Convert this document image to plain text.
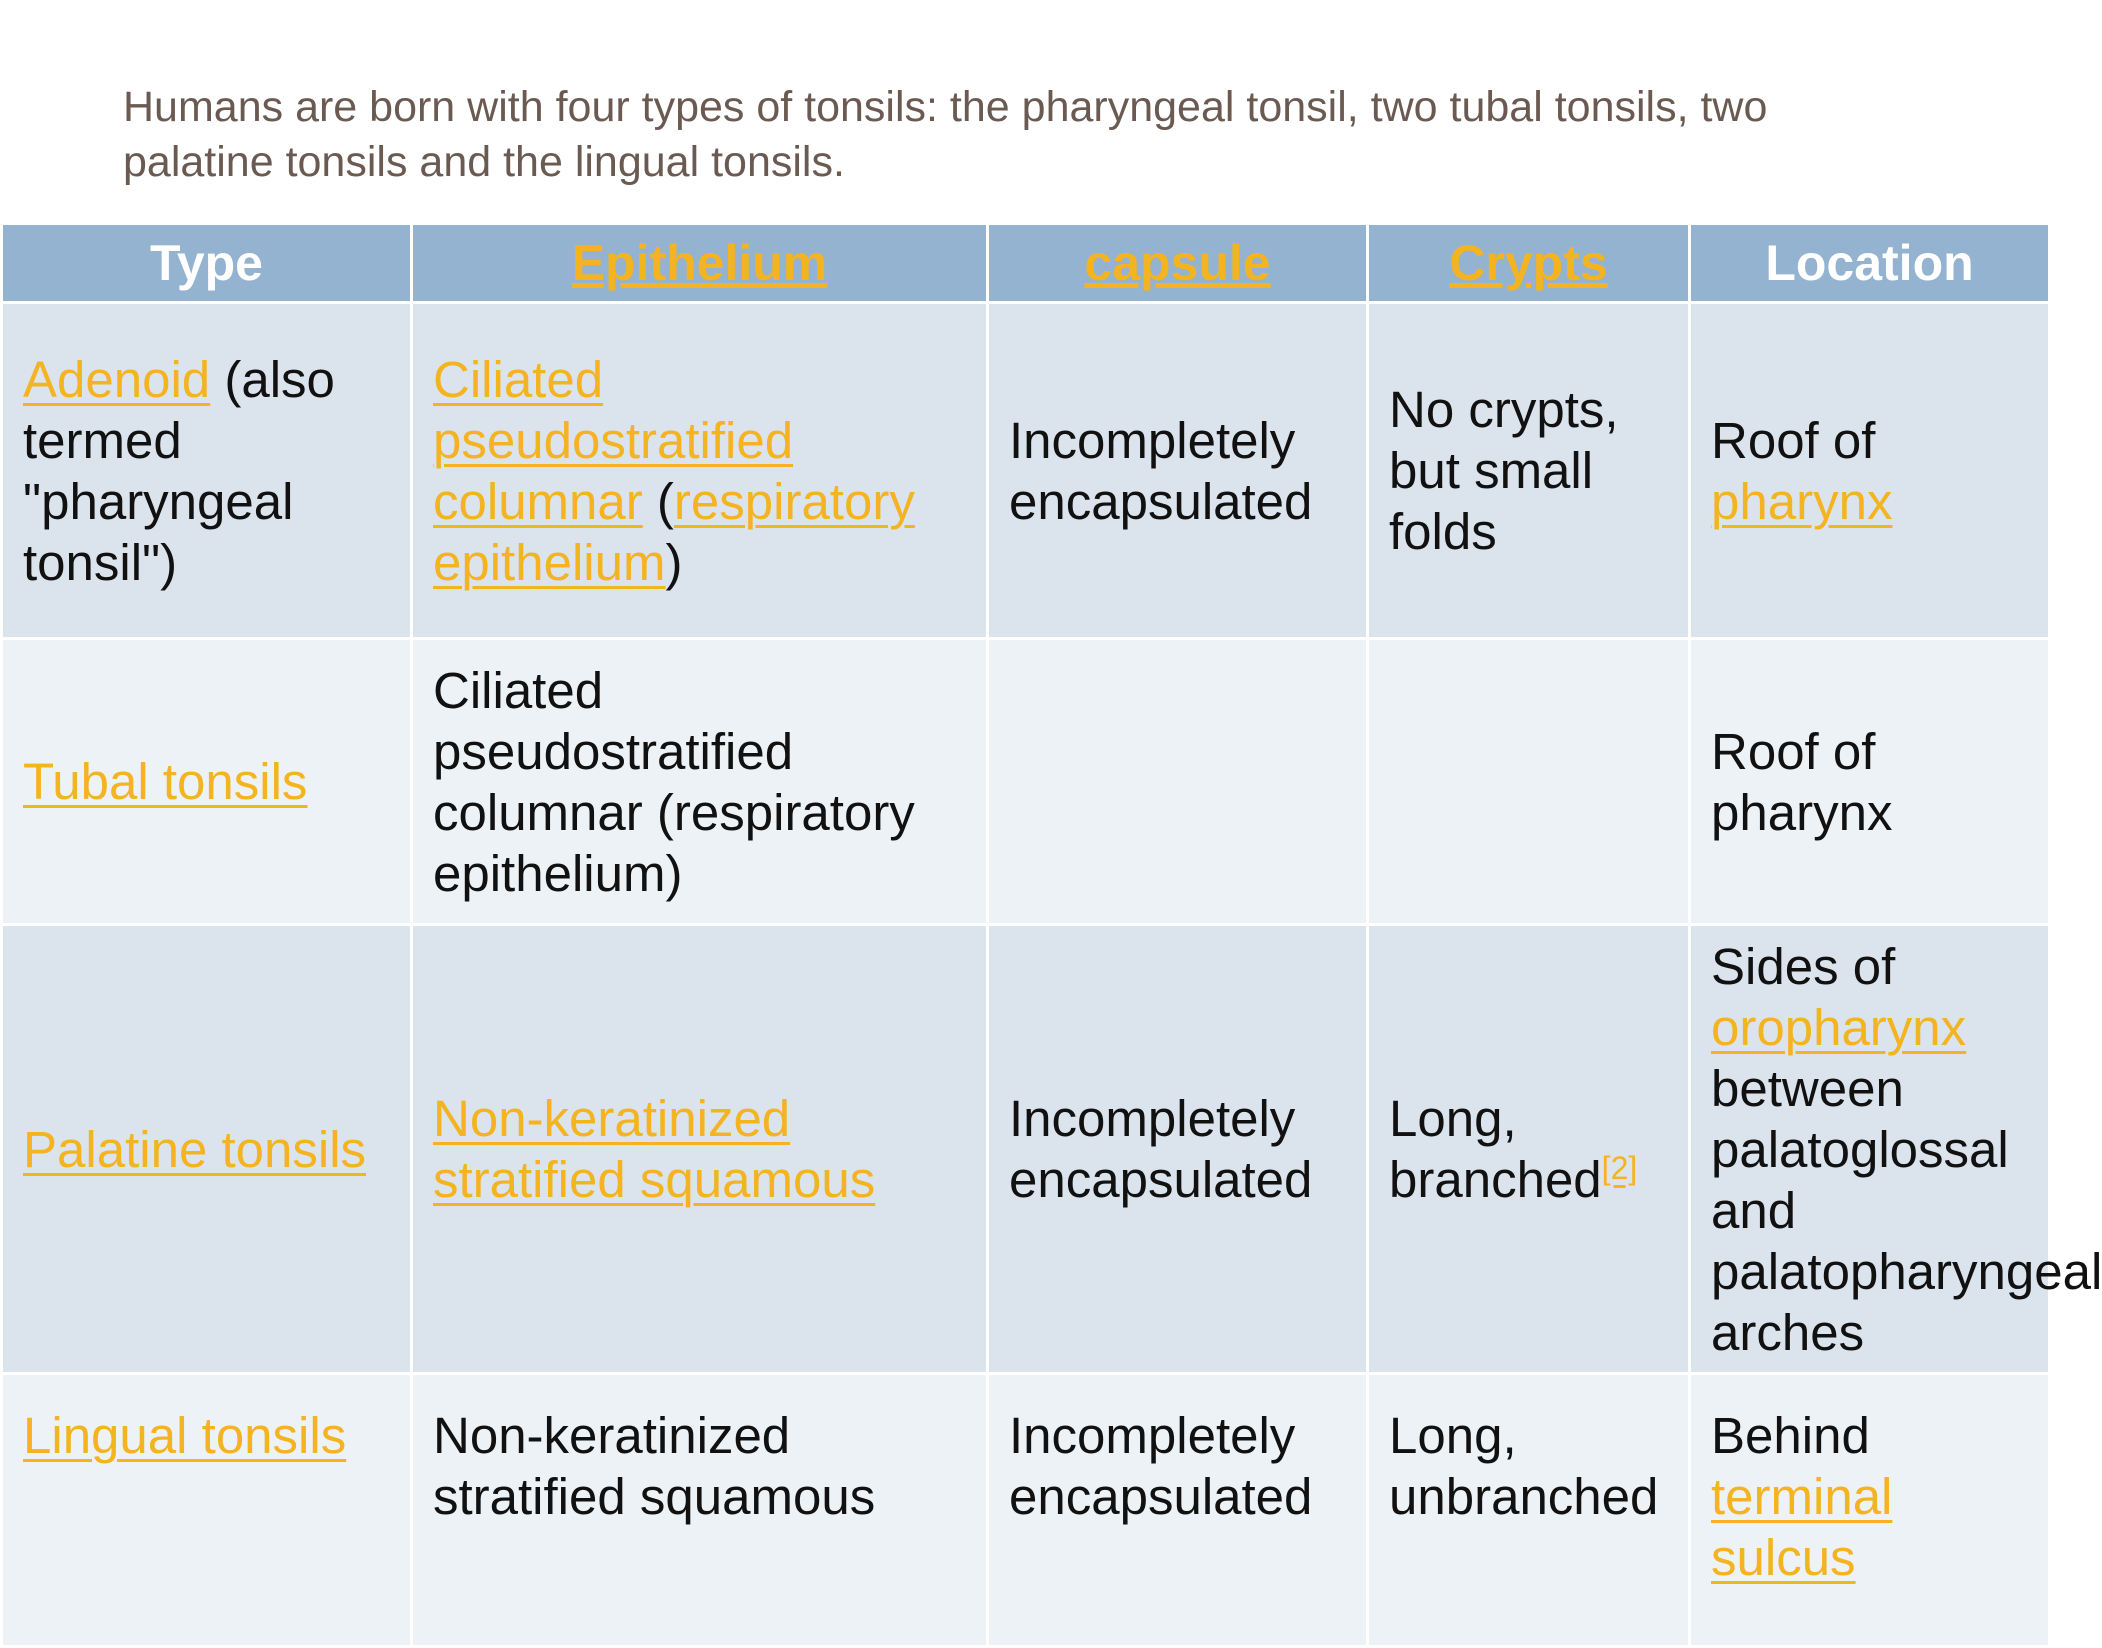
Humans are born with four types of tonsils: the pharyngeal tonsil, two tubal tonsils, two palatine tonsils and the lingual tonsils.
Type	Epithelium	capsule	Crypts	Location
Adenoid (also termed "pharyngeal tonsil")	Ciliated pseudostratified columnar (respiratory epithelium)	Incompletely encapsulated	No crypts, but small folds	Roof of pharynx
Tubal tonsils	Ciliated pseudostratified columnar (respiratory epithelium)			Roof of pharynx
Palatine tonsils	Non-keratinized stratified squamous	Incompletely encapsulated	Long, branched[2]	Sides of oropharynx between palatoglossal and palatopharyngeal arches
Lingual tonsils	Non-keratinized stratified squamous	Incompletely encapsulated	Long, unbranched	Behind terminal sulcus
